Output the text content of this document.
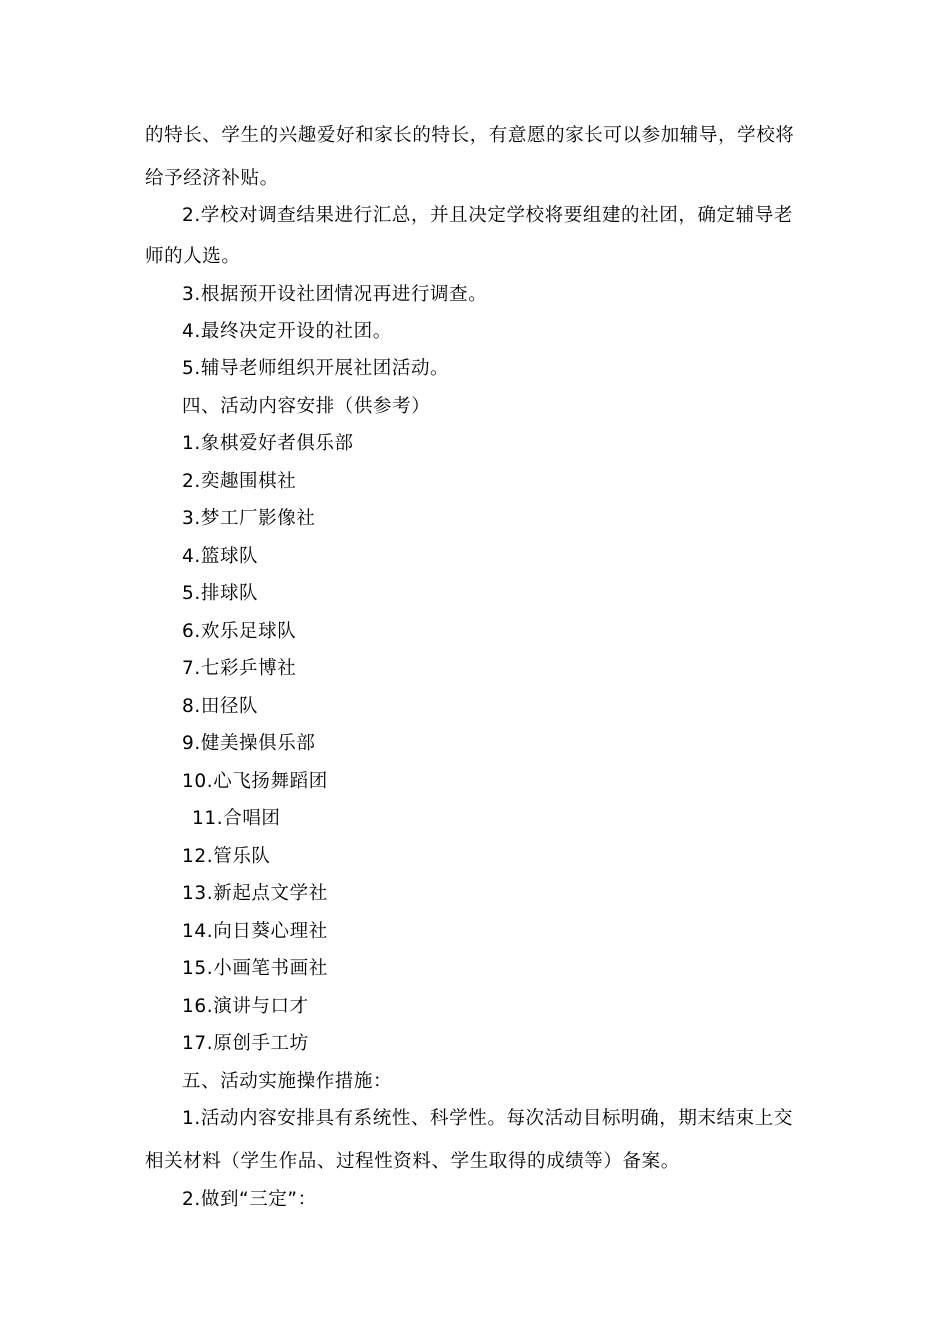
的特长、学生的兴趣爱好和家长的特长，有意愿的家长可以参加辅导，学校将
给予经济补贴。
2.学校对调查结果进行汇总，并且决定学校将要组建的社团，确定辅导老
师的人选。
3.根据预开设社团情况再进行调查。
4.最终决定开设的社团。
5.辅导老师组织开展社团活动。
四、活动内容安排（供参考）
1.象棋爱好者俱乐部
2.奕趣围棋社
3.梦工厂影像社
4.篮球队
5.排球队
6.欢乐足球队
7.七彩乒博社
8.田径队
9.健美操俱乐部
10.心飞扬舞蹈团
11.合唱团
12.管乐队
13.新起点文学社
14.向日葵心理社
15.小画笔书画社
16.演讲与口才
17.原创手工坊
五、活动实施操作措施：
1.活动内容安排具有系统性、科学性。每次活动目标明确，期末结束上交
相关材料（学生作品、过程性资料、学生取得的成绩等）备案。
2.做到“三定”：
